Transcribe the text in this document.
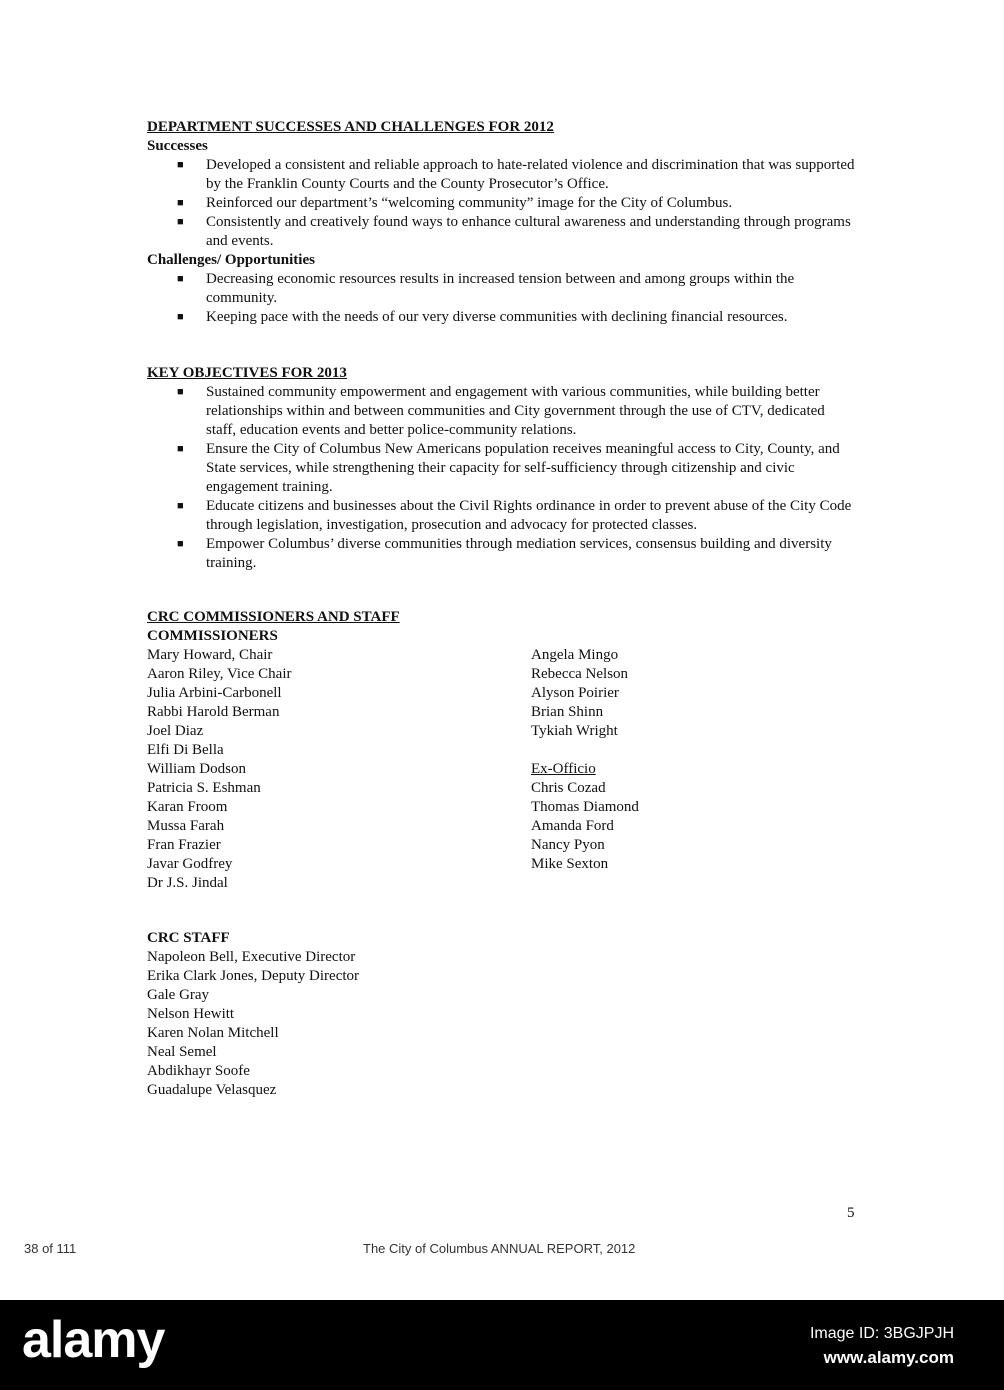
DEPARTMENT SUCCESSES AND CHALLENGES FOR 2012
Successes
■ Developed a consistent and reliable approach to hate-related violence and discrimination that was supported by the Franklin County Courts and the County Prosecutor’s Office.
■ Reinforced our department’s “welcoming community” image for the City of Columbus.
■ Consistently and creatively found ways to enhance cultural awareness and understanding through programs and events.
Challenges/ Opportunities
■ Decreasing economic resources results in increased tension between and among groups within the community.
■ Keeping pace with the needs of our very diverse communities with declining financial resources.
KEY OBJECTIVES FOR 2013
■ Sustained community empowerment and engagement with various communities, while building better relationships within and between communities and City government through the use of CTV, dedicated staff, education events and better police-community relations.
■ Ensure the City of Columbus New Americans population receives meaningful access to City, County, and State services, while strengthening their capacity for self-sufficiency through citizenship and civic engagement training.
■ Educate citizens and businesses about the Civil Rights ordinance in order to prevent abuse of the City Code through legislation, investigation, prosecution and advocacy for protected classes.
■ Empower Columbus’ diverse communities through mediation services, consensus building and diversity training.
CRC COMMISSIONERS AND STAFF
COMMISSIONERS
Mary Howard, Chair
Aaron Riley, Vice Chair
Julia Arbini-Carbonell
Rabbi Harold Berman
Joel Diaz
Elfi Di Bella
William Dodson
Patricia S. Eshman
Karan Froom
Mussa Farah
Fran Frazier
Javar Godfrey
Dr J.S. Jindal
Angela Mingo
Rebecca Nelson
Alyson Poirier
Brian Shinn
Tykiah Wright
Ex-Officio
Chris Cozad
Thomas Diamond
Amanda Ford
Nancy Pyon
Mike Sexton
CRC STAFF
Napoleon Bell, Executive Director
Erika Clark Jones, Deputy Director
Gale Gray
Nelson Hewitt
Karen Nolan Mitchell
Neal Semel
Abdikhayr Soofe
Guadalupe Velasquez
5
38 of 111	The City of Columbus ANNUAL REPORT, 2012
alamy	Image ID: 3BGJPJH
www.alamy.com
